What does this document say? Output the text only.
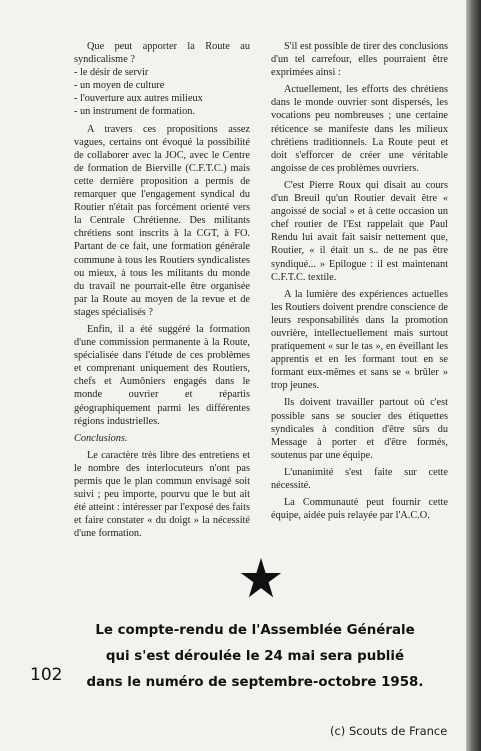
Que peut apporter la Route au syndicalisme ?

- le désir de servir
- un moyen de culture
- l'ouverture aux autres milieux
- un instrument de formation.

A travers ces propositions assez vagues, certains ont évoqué la possibilité de collaborer avec la JOC, avec le Centre de formation de Bierville (C.F.T.C.) mais cette dernière proposition a permis de remarquer que l'engagement syndical du Routier n'était pas forcément orienté vers la Centrale Chrétienne. Des militants chrétiens sont inscrits à la CGT, à FO. Partant de ce fait, une formation générale commune à tous les Routiers syndicalistes ou mieux, à tous les militants du monde du travail ne pourrait-elle être organisée par la Route au moyen de la revue et de stages spécialisés ?

Enfin, il a été suggéré la formation d'une commission permanente à la Route, spécialisée dans l'étude de ces problèmes et comprenant uniquement des Routiers, chefs et Aumôniers engagés dans le monde ouvrier et répartis géographiquement parmi les différentes régions industrielles.

Conclusions.

Le caractère très libre des entretiens et le nombre des interlocuteurs n'ont pas permis que le plan commun envisagé soit suivi ; peu importe, pourvu que le but ait été atteint : intéresser par l'exposé des faits et faire constater « du doigt » la nécessité d'une formation.

S'il est possible de tirer des conclusions d'un tel carrefour, elles pourraient être exprimées ainsi :

Actuellement, les efforts des chrétiens dans le monde ouvrier sont dispersés, les vocations peu nombreuses ; une certaine réticence se manifeste dans les milieux chrétiens traditionnels. La Route peut et doit s'efforcer de créer une véritable angoisse de ces problèmes ouvriers.

C'est Pierre Roux qui disait au cours d'un Breuil qu'un Routier devait être « angoissé de social » et à cette occasion un chef routier de l'Est rappelait que Paul Rendu lui avait fait saisir nettement que, Routier, « il était un s.. de ne pas être syndiqué... » Epilogue : il est maintenant C.F.T.C. textile.

A la lumière des expériences actuelles les Routiers doivent prendre conscience de leurs responsabilités dans la promotion ouvrière, intellectuellement mais surtout pratiquement « sur le tas », en éveillant les apprentis et en les formant tout en se formant eux-mêmes et sans se « brûler » trop jeunes.

Ils doivent travailler partout où c'est possible sans se soucier des étiquettes syndicales à condition d'être sûrs du Message à porter et d'être formés, soutenus par une équipe.

L'unanimité s'est faite sur cette nécessité.

La Communauté peut fournir cette équipe, aidée puis relayée par l'A.C.O.

Le compte-rendu de l'Assemblée Générale
qui s'est déroulée le 24 mai sera publié
dans le numéro de septembre-octobre 1958.
102
(c) Scouts de France
